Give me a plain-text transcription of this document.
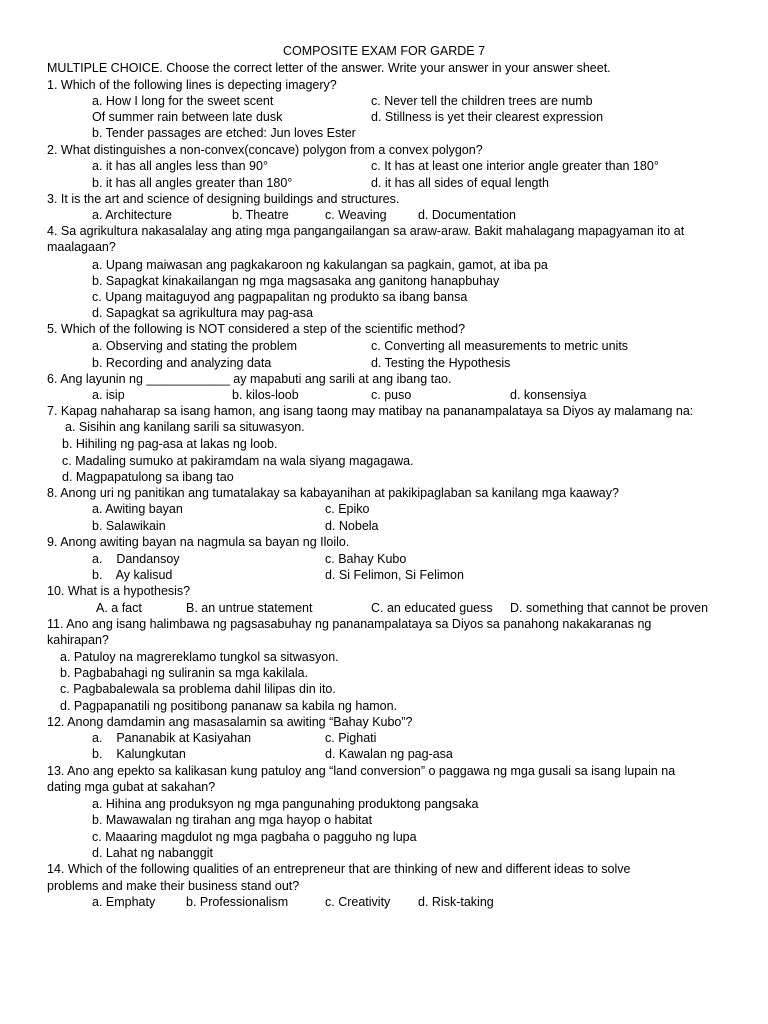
COMPOSITE EXAM FOR GARDE 7
MULTIPLE CHOICE. Choose the correct letter of the answer. Write your answer in your answer sheet.
1. Which of the following lines is depecting imagery?
a. How I long for the sweet scent	c. Never tell the children trees are numb
Of summer rain between late dusk	d. Stillness is yet their clearest expression
b. Tender passages are etched: Jun loves Ester
2. What distinguishes a non-convex(concave) polygon from a convex polygon?
a. it has all angles less than 90°	c. It has at least one interior angle greater than 180°
b. it has all angles greater than 180°	d. it has all sides of equal length
3. It is the art and science of designing buildings and structures.
a. Architecture	b. Theatre	c. Weaving	d. Documentation
4. Sa agrikultura nakasalalay ang ating mga pangangailangan sa araw-araw. Bakit mahalagang mapagyaman ito at
maalagaan?
a. Upang maiwasan ang pagkakaroon ng kakulangan sa pagkain, gamot, at iba pa
b. Sapagkat kinakailangan ng mga magsasaka ang ganitong hanapbuhay
c. Upang maitaguyod ang pagpapalitan ng produkto sa ibang bansa
d. Sapagkat sa agrikultura may pag-asa
5. Which of the following is NOT considered a step of the scientific method?
a. Observing and stating the problem	c. Converting all measurements to metric units
b. Recording and analyzing data	d. Testing the Hypothesis
6. Ang layunin ng ____________ ay mapabuti ang sarili at ang ibang tao.
a. isip	b. kilos-loob	c. puso	d. konsensiya
7. Kapag nahaharap sa isang hamon, ang isang taong may matibay na pananampalataya sa Diyos ay malamang na:
a. Sisihin ang kanilang sarili sa situwasyon.
b. Hihiling ng pag-asa at lakas ng loob.
c. Madaling sumuko at pakiramdam na wala siyang magagawa.
d. Magpapatulong sa ibang tao
8. Anong uri ng panitikan ang tumatalakay sa kabayanihan at pakikipaglaban sa kanilang mga kaaway?
a. Awiting bayan	c. Epiko
b. Salawikain	d. Nobela
9. Anong awiting bayan na nagmula sa bayan ng Iloilo.
a.    Dandansoy	c. Bahay Kubo
b.    Ay kalisud	d. Si Felimon, Si Felimon
10. What is a hypothesis?
A. a fact	B. an untrue statement	C. an educated guess D. something that cannot be proven
11. Ano ang isang halimbawa ng pagsasabuhay ng pananampalataya sa Diyos sa panahong nakakaranas ng
kahirapan?
a. Patuloy na magrereklamo tungkol sa sitwasyon.
b. Pagbabahagi ng suliranin sa mga kakilala.
c. Pagbabalewala sa problema dahil lilipas din ito.
d. Pagpapanatili ng positibong pananaw sa kabila ng hamon.
12. Anong damdamin ang masasalamin sa awiting “Bahay Kubo”?
a.    Pananabik at Kasiyahan	c. Pighati
b.    Kalungkutan	d. Kawalan ng pag-asa
13. Ano ang epekto sa kalikasan kung patuloy ang “land conversion” o paggawa ng mga gusali sa isang lupain na
dating mga gubat at sakahan?
a. Hihina ang produksyon ng mga pangunahing produktong pangsaka
b. Mawawalan ng tirahan ang mga hayop o habitat
c. Maaaring magdulot ng mga pagbaha o pagguho ng lupa
d. Lahat ng nabanggit
14. Which of the following qualities of an entrepreneur that are thinking of new and different ideas to solve
problems and make their business stand out?
a. Emphaty b. Professionalism	c. Creativity d. Risk-taking
